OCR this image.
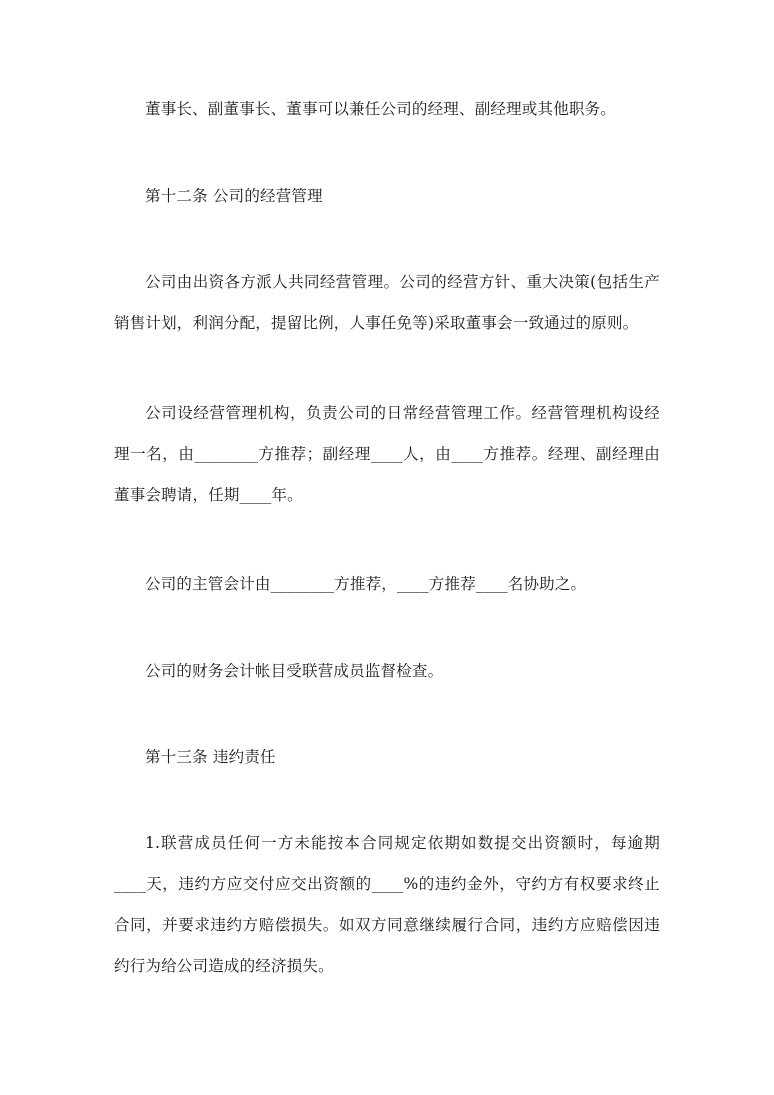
董事长、副董事长、董事可以兼任公司的经理、副经理或其他职务。

第十二条 公司的经营管理

公司由出资各方派人共同经营管理。公司的经营方针、重大决策(包括生产销售计划，利润分配，提留比例，人事任免等)采取董事会一致通过的原则。

公司设经营管理机构，负责公司的日常经营管理工作。经营管理机构设经理一名，由________方推荐；副经理____人，由____方推荐。经理、副经理由董事会聘请，任期____年。

公司的主管会计由________方推荐，____方推荐____名协助之。

公司的财务会计帐目受联营成员监督检查。

第十三条 违约责任

1.联营成员任何一方未能按本合同规定依期如数提交出资额时，每逾期____天，违约方应交付应交出资额的____%的违约金外，守约方有权要求终止合同，并要求违约方赔偿损失。如双方同意继续履行合同，违约方应赔偿因违约行为给公司造成的经济损失。
